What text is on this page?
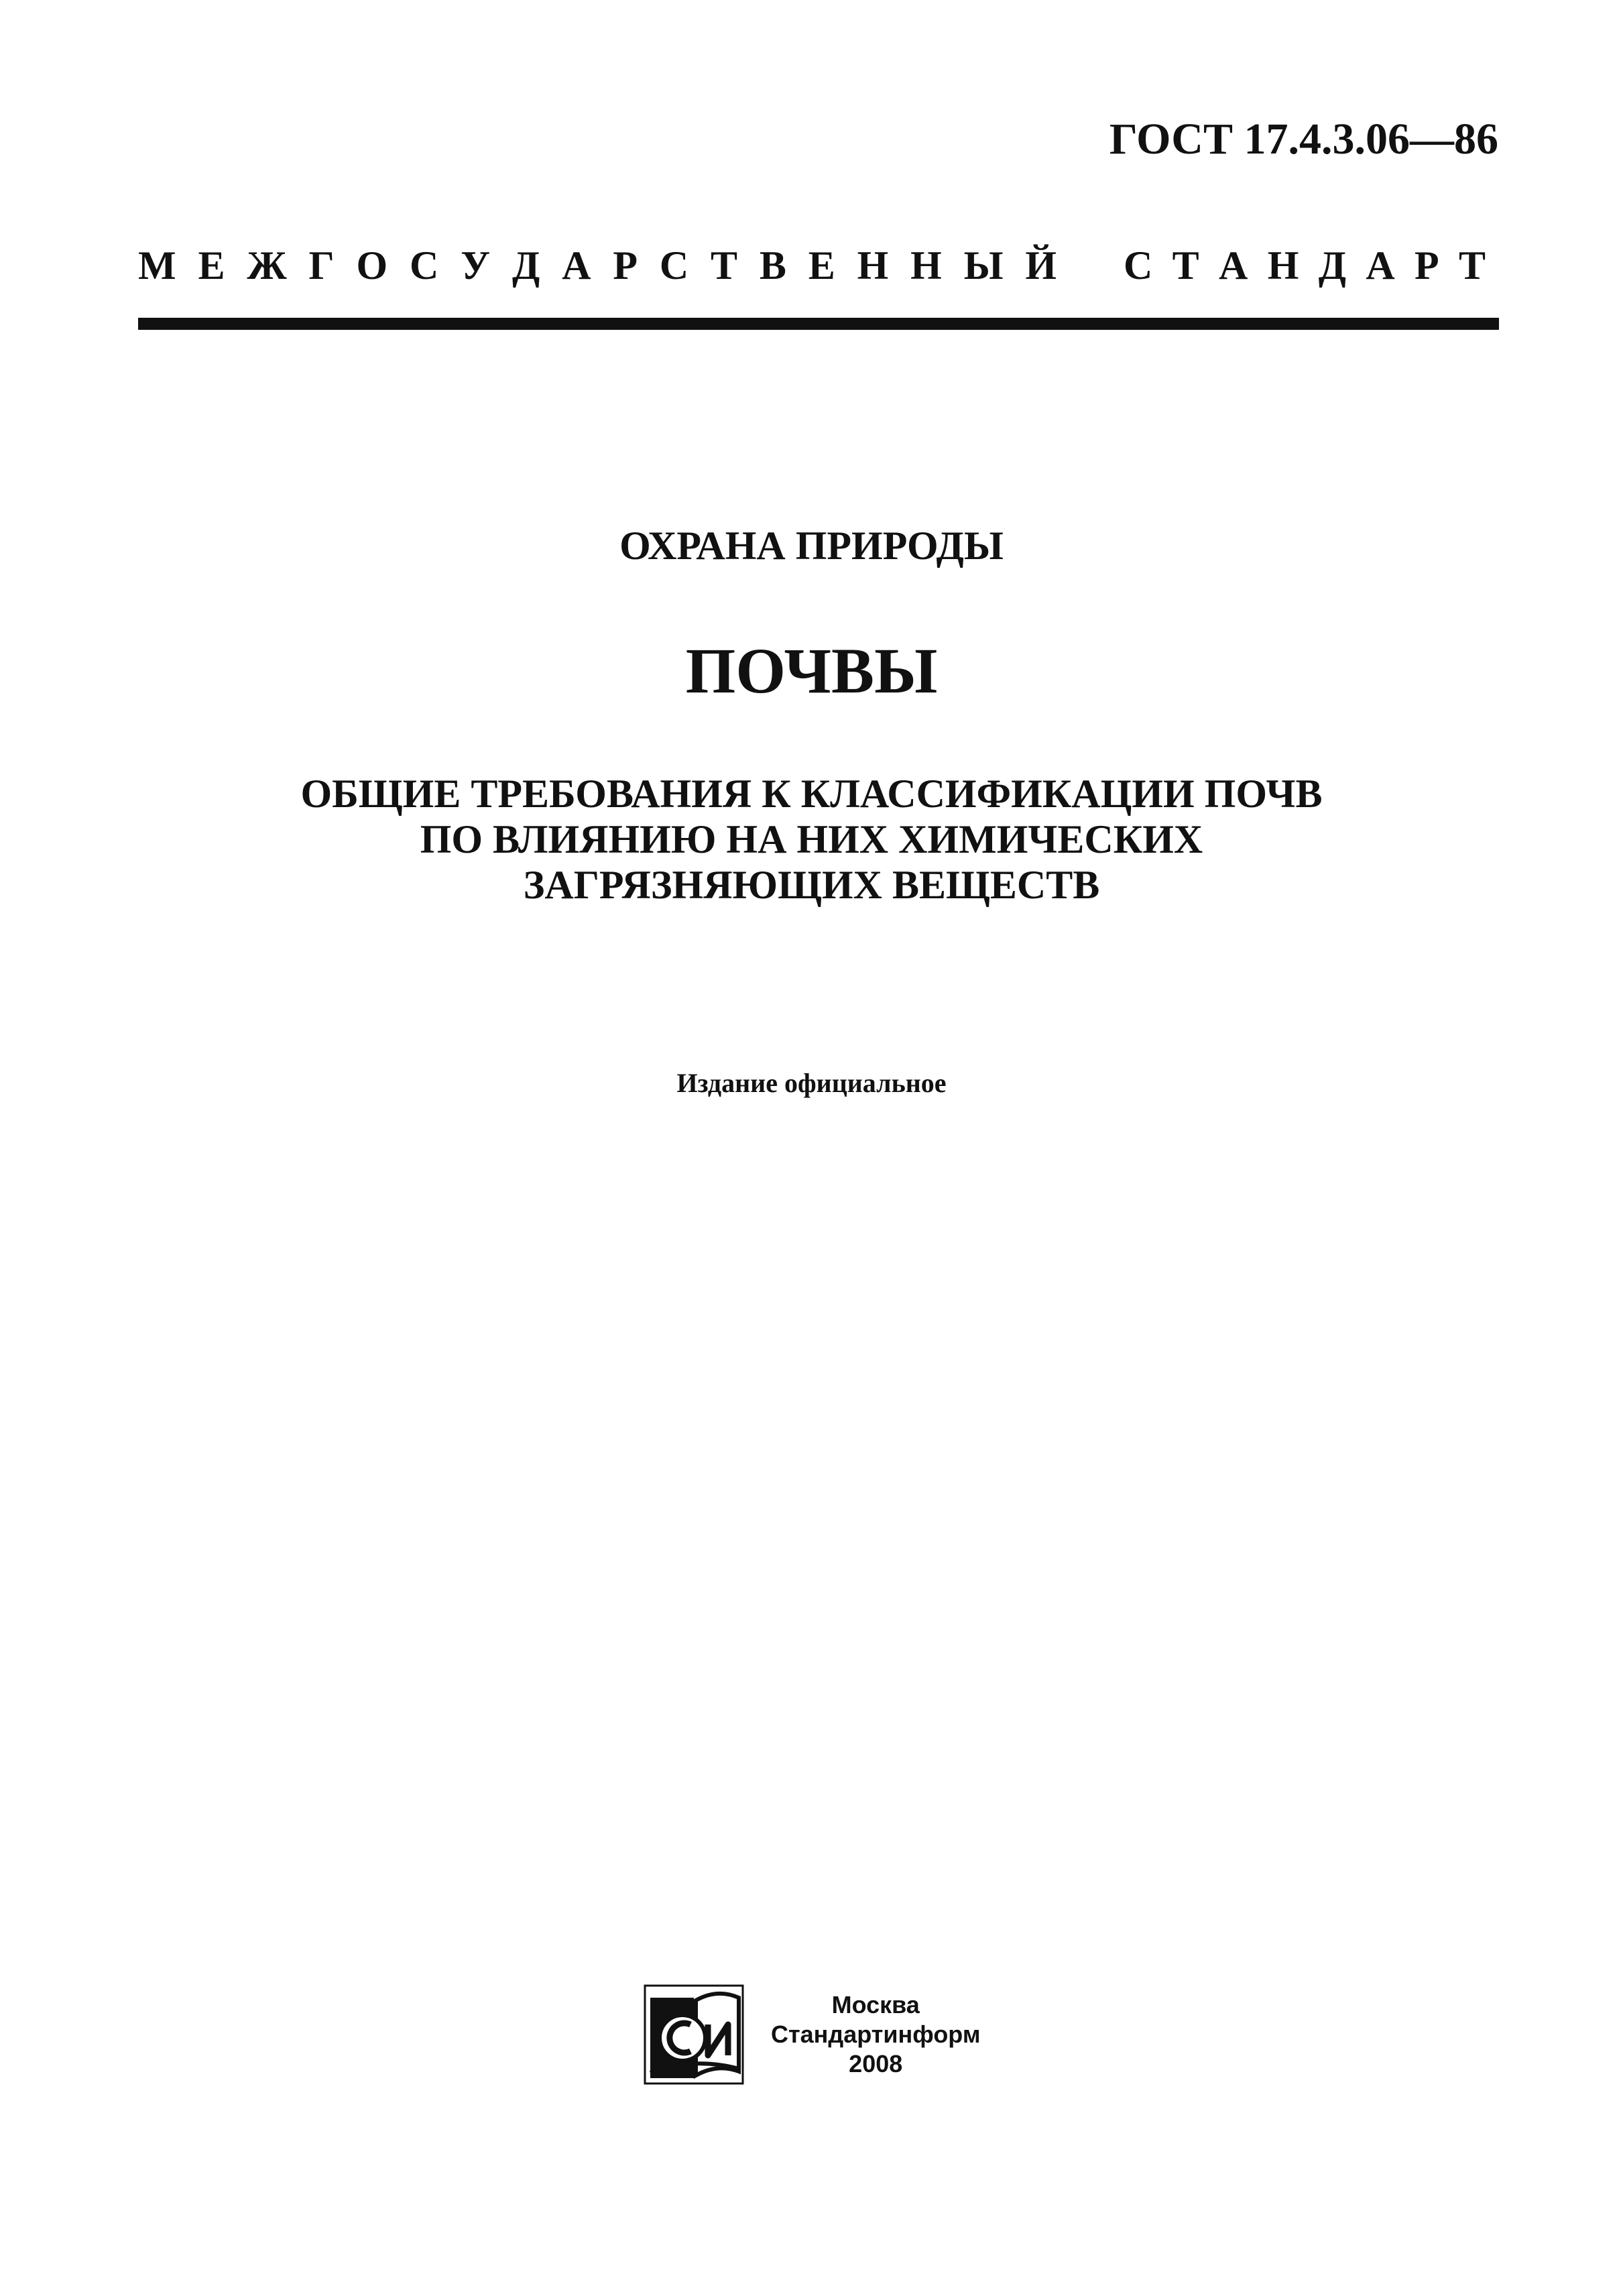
ГОСТ 17.4.3.06—86
М Е Ж Г О С У Д А Р С Т В Е Н Н Ы Й С Т А Н Д А Р Т
ОХРАНА ПРИРОДЫ
ПОЧВЫ
ОБЩИЕ ТРЕБОВАНИЯ К КЛАССИФИКАЦИИ ПОЧВ
ПО ВЛИЯНИЮ НА НИХ ХИМИЧЕСКИХ
ЗАГРЯЗНЯЮЩИХ ВЕЩЕСТВ
Издание официальное
Москва
Стандартинформ
2008
